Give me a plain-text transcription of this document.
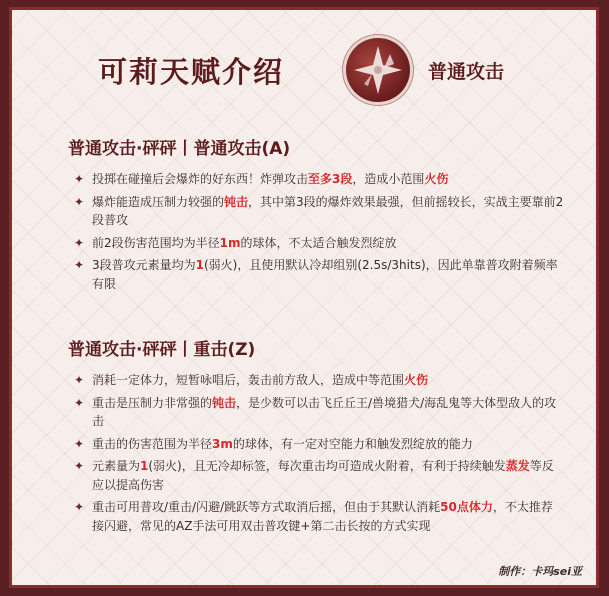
可莉天赋介绍	普通攻击
普通攻击·砰砰丨普通攻击(A)
✦ 投掷在碰撞后会爆炸的好东西！炸弹攻击至多3段，造成小范围火伤
✦ 爆炸能造成压制力较强的钝击，其中第3段的爆炸效果最强，但前摇较长，实战主要靠前2段普攻
✦ 前2段伤害范围均为半径1m的球体，不太适合触发烈绽放
✦ 3段普攻元素量均为1(弱火)，且使用默认冷却组别(2.5s/3hits)，因此单靠普攻附着频率有限
普通攻击·砰砰丨重击(Z)
✦ 消耗一定体力，短暂咏唱后，轰击前方敌人，造成中等范围火伤
✦ 重击是压制力非常强的钝击，是少数可以击飞丘丘王/兽境猎犬/海乱鬼等大体型敌人的攻击
✦ 重击的伤害范围为半径3m的球体，有一定对空能力和触发烈绽放的能力
✦ 元素量为1(弱火)，且无冷却标签，每次重击均可造成火附着，有利于持续触发蒸发等反应以提高伤害
✦ 重击可用普攻/重击/闪避/跳跃等方式取消后摇，但由于其默认消耗50点体力，不太推荐接闪避，常见的AZ手法可用双击普攻键+第二击长按的方式实现
制作：卡玛sei亚
